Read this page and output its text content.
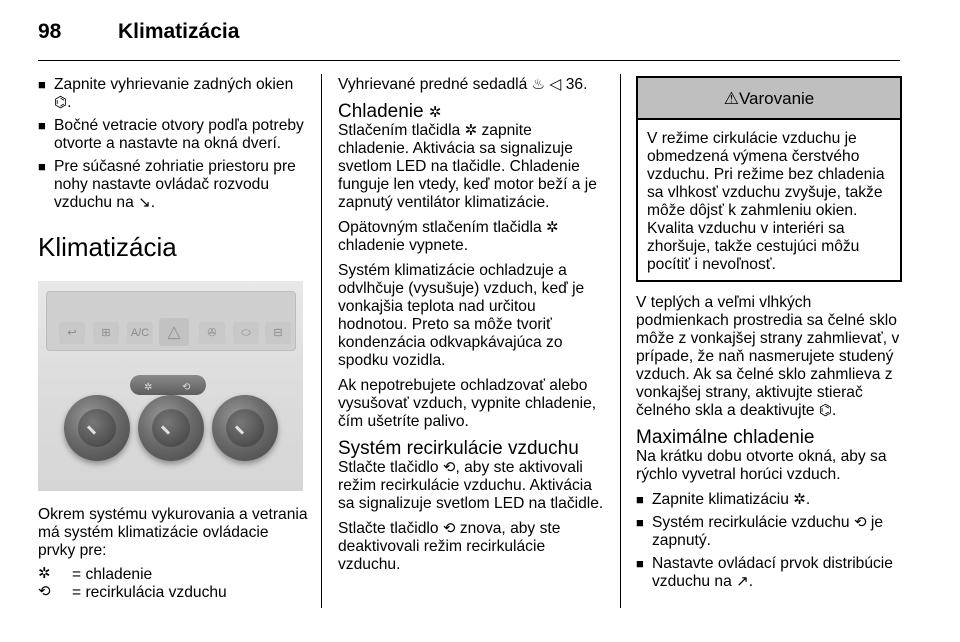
98	Klimatizácia
■ Zapnite vyhrievanie zadných okien
⌬.
■ Bočné vetracie otvory podľa potreby otvorte a nastavte na okná dverí.
■ Pre súčasné zohriatie priestoru pre nohy nastavte ovládač rozvodu vzduchu na ↘.
Klimatizácia
↩	⊞	A/C	△	✇	⬭	⊟
✲	⟲
Okrem systému vykurovania a vetrania má systém klimatizácie ovládacie prvky pre:
✲	= chladenie
⟲	= recirkulácia vzduchu
Vyhrievané predné sedadlá ♨ ◁ 36.
Chladenie ✲
Stlačením tlačidla ✲ zapnite chladenie. Aktivácia sa signalizuje svetlom LED na tlačidle. Chladenie funguje len vtedy, keď motor beží a je zapnutý ventilátor klimatizácie.
Opätovným stlačením tlačidla ✲
chladenie vypnete.
Systém klimatizácie ochladzuje a odvlhčuje (vysušuje) vzduch, keď je vonkajšia teplota nad určitou hodnotou. Preto sa môže tvoriť kondenzácia odkvapkávajúca zo spodku vozidla.
Ak nepotrebujete ochladzovať alebo vysušovať vzduch, vypnite chladenie, čím ušetríte palivo.
Systém recirkulácie vzduchu
Stlačte tlačidlo ⟲, aby ste aktivovali režim recirkulácie vzduchu. Aktivácia sa signalizuje svetlom LED na tlačidle.
Stlačte tlačidlo ⟲ znova, aby ste deaktivovali režim recirkulácie vzduchu.
⚠Varovanie
V režime cirkulácie vzduchu je obmedzená výmena čerstvého vzduchu. Pri režime bez chladenia sa vlhkosť vzduchu zvyšuje, takže môže dôjsť k zahmleniu okien. Kvalita vzduchu v interiéri sa zhoršuje, takže cestujúci môžu pocítiť i nevoľnosť.
V teplých a veľmi vlhkých podmienkach prostredia sa čelné sklo môže z vonkajšej strany zahmlievať, v prípade, že naň nasmerujete studený vzduch. Ak sa čelné sklo zahmlieva z vonkajšej strany, aktivujte stierač čelného skla a deaktivujte ⌬.
Maximálne chladenie
Na krátku dobu otvorte okná, aby sa rýchlo vyvetral horúci vzduch.
■ Zapnite klimatizáciu ✲.
■ Systém recirkulácie vzduchu ⟲ je zapnutý.
■ Nastavte ovládací prvok distribúcie vzduchu na ↗.
